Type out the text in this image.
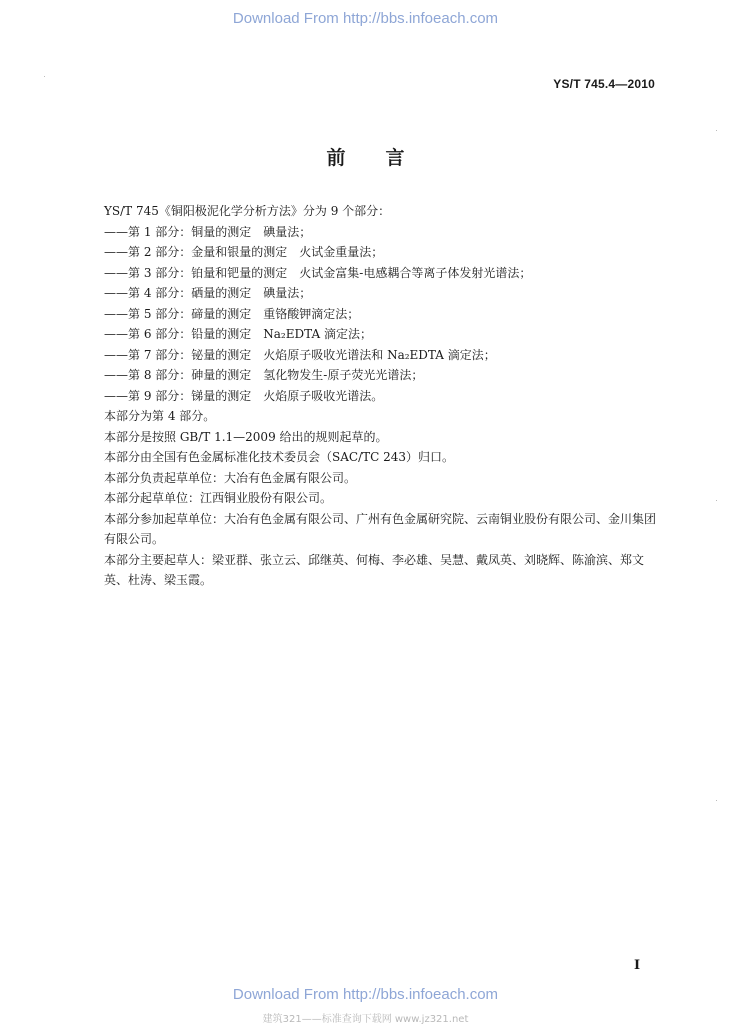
Download From http://bbs.infoeach.com
YS/T 745.4—2010
前言
YS/T 745《铜阳极泥化学分析方法》分为 9 个部分：
——第 1 部分：铜量的测定　碘量法；
——第 2 部分：金量和银量的测定　火试金重量法；
——第 3 部分：铂量和钯量的测定　火试金富集-电感耦合等离子体发射光谱法；
——第 4 部分：硒量的测定　碘量法；
——第 5 部分：碲量的测定　重铬酸钾滴定法；
——第 6 部分：铅量的测定　Na₂EDTA 滴定法；
——第 7 部分：铋量的测定　火焰原子吸收光谱法和 Na₂EDTA 滴定法；
——第 8 部分：砷量的测定　氢化物发生-原子荧光光谱法；
——第 9 部分：锑量的测定　火焰原子吸收光谱法。
本部分为第 4 部分。
本部分是按照 GB/T 1.1—2009 给出的规则起草的。
本部分由全国有色金属标准化技术委员会（SAC/TC 243）归口。
本部分负责起草单位：大冶有色金属有限公司。
本部分起草单位：江西铜业股份有限公司。
本部分参加起草单位：大冶有色金属有限公司、广州有色金属研究院、云南铜业股份有限公司、金川集团有限公司。
本部分主要起草人：梁亚群、张立云、邱继英、何梅、李必雄、吴慧、戴凤英、刘晓辉、陈渝滨、郑文英、杜涛、梁玉霞。
I
Download From http://bbs.infoeach.com
建筑321——标准查询下载网 www.jz321.net
